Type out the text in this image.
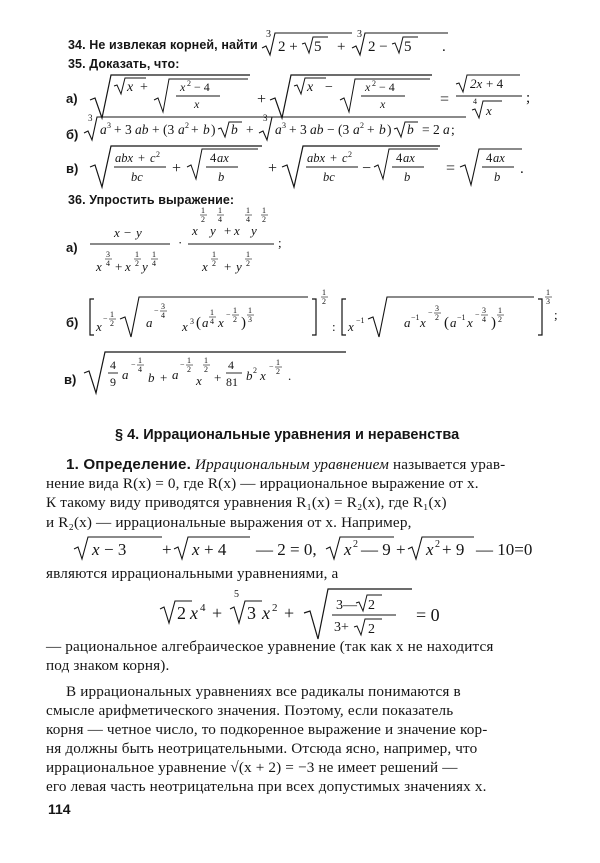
34. Не извлекая корней, найти
3
2 + 5 +
3
2 − 5 .
35. Доказать, что:
а)
x +	x 2 − 4
x	+
x −	x 2 − 4
x	=
2x + 4
4
x
;
б)
3
a 3 + 3 ab + (3 a 2 + b ) b +
3
a 3 + 3 ab − (3 a 2 + b ) b = 2 a ;
в)
abx + c 2
bc +
4 ax
b	+
abx + c 2
bc −
4 ax
b =
4 ax
b .
36. Упростить выражение:
а)
x − y
3
4
x + x
1
2 y
1
4
·
1
2
x
1
4
y + x
1
4
y
1
2
1
2
x + y
1
2
;
б) x
− 1
2 a
− 3
4
x 3 ( a
1
4 x
− 1
2 )
1
3
1
2
: x −1	a −1 x
− 3
2 ( a −1 x
− 3
4 )
1
2
1
3
;
в)
4
9 a
− 1
4
b + a
− 1
2
x
1
2
+
4
81 b 2 x
− 1
2 .
§ 4. Иррациональные уравнения и неравенства
1. Определение. Иррациональным уравнением называется урав-
нение вида R(x) = 0, где R(x) — иррациональное выражение от x.
К такому виду приводятся уравнения R₁(x) = R₂(x), где R₁(x)
и R₂(x) — иррациональные выражения от x. Например,
x − 3 + x + 4 — 2 = 0, x 2 — 9 + x 2 + 9 — 10=0
являются иррациональными уравнениями, а
2 x 4 +
5
3 x 2 +	3— 2
3+ 2
= 0
— рациональное алгебраическое уравнение (так как x не находится
под знаком корня).
В иррациональных уравнениях все радикалы понимаются в
смысле арифметического значения. Поэтому, если показатель
корня — четное число, то подкоренное выражение и значение кор-
ня должны быть неотрицательными. Отсюда ясно, например, что
иррациональное уравнение √(x + 2) = −3 не имеет решений —
его левая часть неотрицательна при всех допустимых значениях x.
114
